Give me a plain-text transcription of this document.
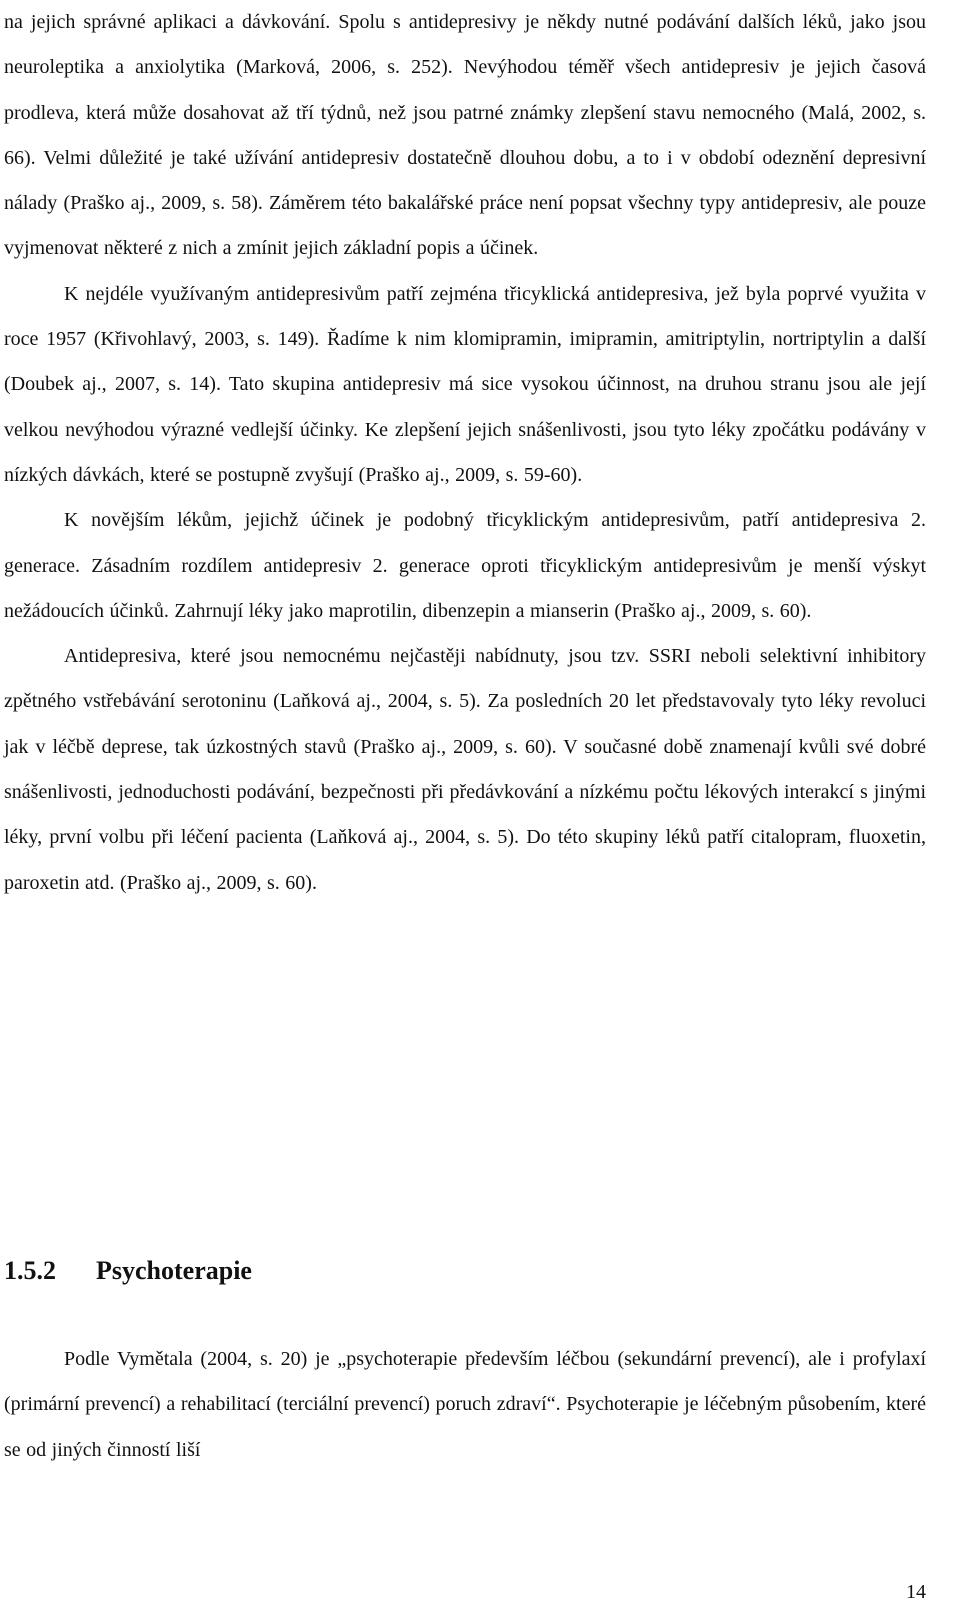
na jejich správné aplikaci a dávkování. Spolu s antidepresivy je někdy nutné podávání dalších léků, jako jsou neuroleptika a anxiolytika (Marková, 2006, s. 252). Nevýhodou téměř všech antidepresiv je jejich časová prodleva, která může dosahovat až tří týdnů, než jsou patrné známky zlepšení stavu nemocného (Malá, 2002, s. 66). Velmi důležité je také užívání antidepresiv dostatečně dlouhou dobu, a to i v období odeznění depresivní nálady (Praško aj., 2009, s. 58). Záměrem této bakalářské práce není popsat všechny typy antidepresiv, ale pouze vyjmenovat některé z nich a zmínit jejich základní popis a účinek.

K nejdéle využívaným antidepresivům patří zejména třicyklická antidepresiva, jež byla poprvé využita v roce 1957 (Křivohlavý, 2003, s. 149). Řadíme k nim klomipramin, imipramin, amitriptylin, nortriptylin a další (Doubek aj., 2007, s. 14). Tato skupina antidepresiv má sice vysokou účinnost, na druhou stranu jsou ale její velkou nevýhodou výrazné vedlejší účinky. Ke zlepšení jejich snášenlivosti, jsou tyto léky zpočátku podávány v nízkých dávkách, které se postupně zvyšují (Praško aj., 2009, s. 59-60).

K novějším lékům, jejichž účinek je podobný třicyklickým antidepresivům, patří antidepresiva 2. generace. Zásadním rozdílem antidepresiv 2. generace oproti třicyklickým antidepresivům je menší výskyt nežádoucích účinků. Zahrnují léky jako maprotilin, dibenzepin a mianserin (Praško aj., 2009, s. 60).

Antidepresiva, které jsou nemocnému nejčastěji nabídnuty, jsou tzv. SSRI neboli selektivní inhibitory zpětného vstřebávání serotoninu (Laňková aj., 2004, s. 5). Za posledních 20 let představovaly tyto léky revoluci jak v léčbě deprese, tak úzkostných stavů (Praško aj., 2009, s. 60). V současné době znamenají kvůli své dobré snášenlivosti, jednoduchosti podávání, bezpečnosti při předávkování a nízkému počtu lékových interakcí s jinými léky, první volbu při léčení pacienta (Laňková aj., 2004, s. 5). Do této skupiny léků patří citalopram, fluoxetin, paroxetin atd. (Praško aj., 2009, s. 60).

1.5.2 Psychoterapie

Podle Vymětala (2004, s. 20) je „psychoterapie především léčbou (sekundární prevencí), ale i profylaxí (primární prevencí) a rehabilitací (terciální prevencí) poruch zdraví“. Psychoterapie je léčebným působením, které se od jiných činností liší

14
